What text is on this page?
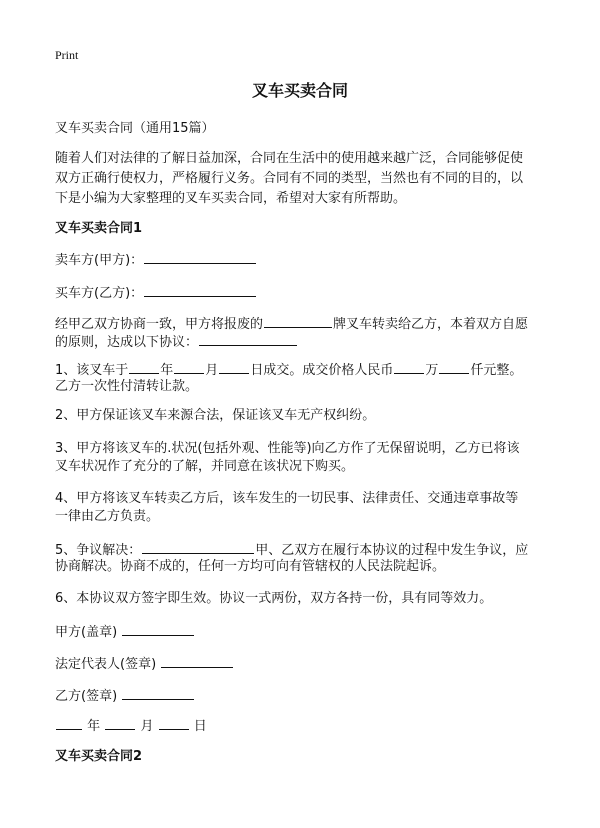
Print
叉车买卖合同
叉车买卖合同（通用15篇）
随着人们对法律的了解日益加深，合同在生活中的使用越来越广泛，合同能够促使
双方正确行使权力，严格履行义务。合同有不同的类型，当然也有不同的目的，以
下是小编为大家整理的叉车买卖合同，希望对大家有所帮助。
叉车买卖合同1
卖车方(甲方)：
买车方(乙方)：
经甲乙双方协商一致，甲方将报废的	牌叉车转卖给乙方，本着双方自愿
的原则，达成以下协议：
1、该叉车于 年 月 日成交。成交价格人民币 万 仟元整。
乙方一次性付清转让款。
2、甲方保证该叉车来源合法，保证该叉车无产权纠纷。
3、甲方将该叉车的.状况(包括外观、性能等)向乙方作了无保留说明，乙方已将该
叉车状况作了充分的了解，并同意在该状况下购买。
4、甲方将该叉车转卖乙方后，该车发生的一切民事、法律责任、交通违章事故等
一律由乙方负责。
5、争议解决：	甲、乙双方在履行本协议的过程中发生争议，应
协商解决。协商不成的，任何一方均可向有管辖权的人民法院起诉。
6、本协议双方签字即生效。协议一式两份，双方各持一份，具有同等效力。
甲方(盖章)
法定代表人(签章)
乙方(签章)
年	月	日
叉车买卖合同2
